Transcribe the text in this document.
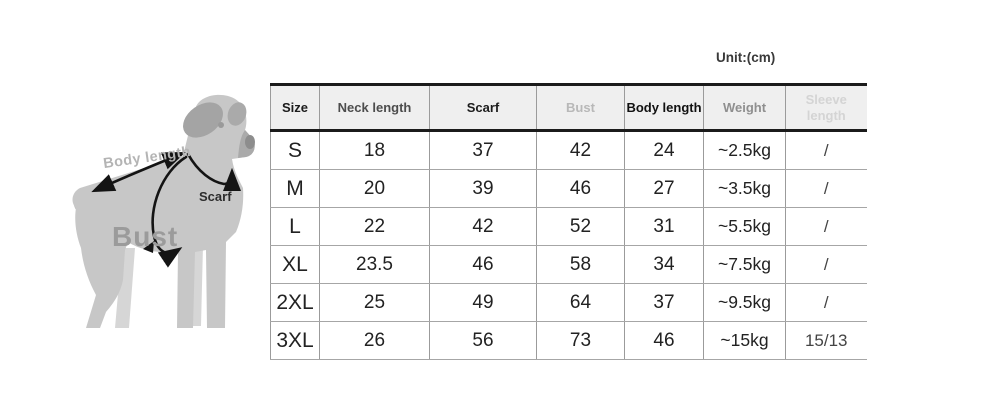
Body length
Scarf
Bust
Unit:(cm)
Size	Neck length	Scarf	Bust	Body length	Weight	Sleeve length
S	18	37	42	24	~2.5kg	/
M	20	39	46	27	~3.5kg	/
L	22	42	52	31	~5.5kg	/
XL	23.5	46	58	34	~7.5kg	/
2XL	25	49	64	37	~9.5kg	/
3XL	26	56	73	46	~15kg	15/13
